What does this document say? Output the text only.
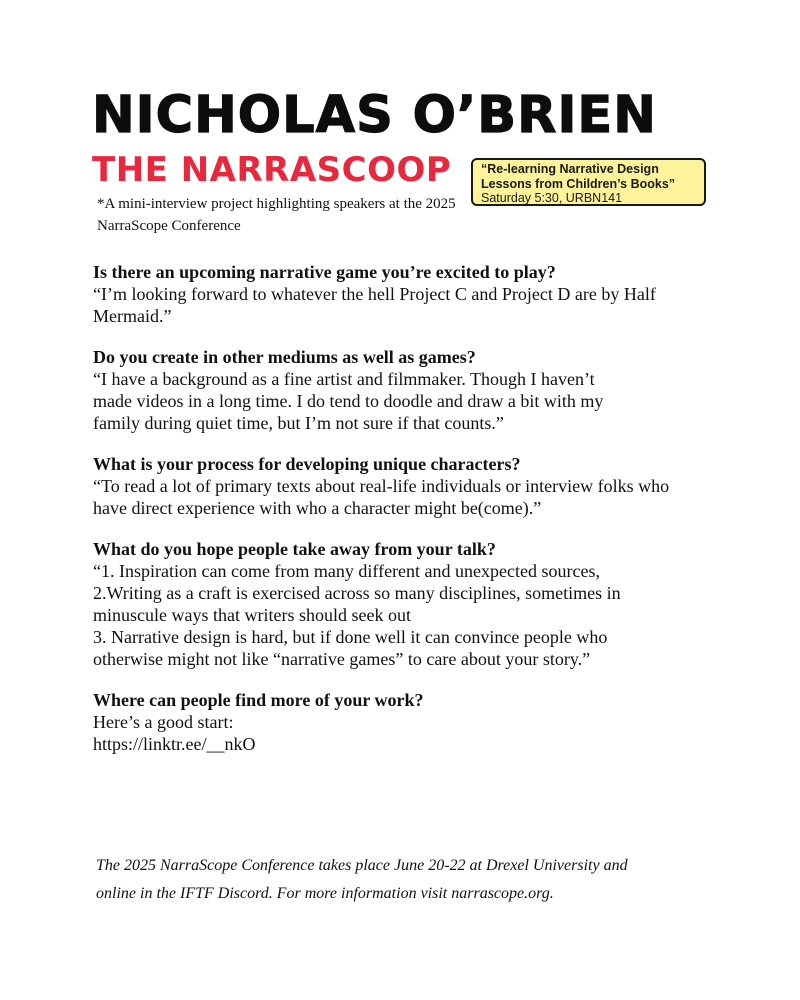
NICHOLAS O’BRIEN
THE NARRASCOOP

*A mini-interview project highlighting speakers at the 2025 NarraScope Conference

“Re-learning Narrative Design
Lessons from Children’s Books”
Saturday 5:30, URBN141

Is there an upcoming narrative game you’re excited to play?

“I’m looking forward to whatever the hell Project C and Project D are by Half

Mermaid.”

Do you create in other mediums as well as games?

“I have a background as a fine artist and filmmaker. Though I haven’t

made videos in a long time. I do tend to doodle and draw a bit with my

family during quiet time, but I’m not sure if that counts.”

What is your process for developing unique characters?

“To read a lot of primary texts about real-life individuals or interview folks who

have direct experience with who a character might be(come).”

What do you hope people take away from your talk?

“1. Inspiration can come from many different and unexpected sources,

2.Writing as a craft is exercised across so many disciplines, sometimes in

minuscule ways that writers should seek out

3. Narrative design is hard, but if done well it can convince people who

otherwise might not like “narrative games” to care about your story.”

Where can people find more of your work?

Here’s a good start:

https://linktr.ee/__nkO

The 2025 NarraScope Conference takes place June 20-22 at Drexel University and
online in the IFTF Discord. For more information visit narrascope.org.
